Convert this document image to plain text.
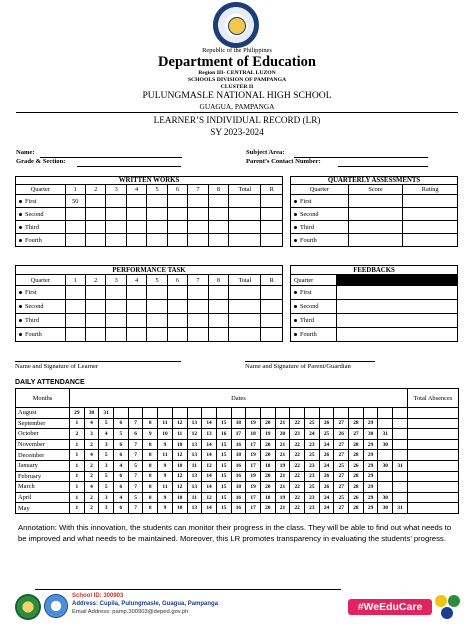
Republic of the Philippines
Department of Education
Region III- CENTRAL LUZON
SCHOOLS DIVISION OF PAMPANGA
CLUSTER II
PULUNGMASLE NATIONAL HIGH SCHOOL
GUAGUA, PAMPANGA
LEARNER’S INDIVIDUAL RECORD (LR)
SY 2023-2024
Name:
Grade & Section:
Subject Area:
Parent’s Contact Number:
WRITTEN WORKS										
Quarter	1	2	3	4	5	6	7	8	Total	R
First	50									
Second										
Third										
Fourth										
QUARTERLY ASSESSMENTS		
Quarter	Score	Rating
First		
Second		
Third		
Fourth		
PERFORMANCE TASK										
Quarter	1	2	3	4	5	6	7	8	Total	R
First										
Second										
Third										
Fourth										
FEEDBACKS	
Quarter	
First	
Second	
Third	
Fourth	
Name and Signature of Learner	Name and Signature of Parent/Guardian
DAILY ATTENDANCE
Months	Dates																							Total Absences
August	29	30	31																					
September	1	4	5	6	7	8	11	12	13	14	15	18	19	20	21	22	25	26	27	28	29			
October	2	3	4	5	6	9	10	11	12	13	16	17	18	19	20	23	24	25	26	27	30	31		
November	1	2	3	6	7	8	9	10	13	14	15	16	17	20	21	22	23	24	27	28	29	30		
December	1	4	5	6	7	8	11	12	13	14	15	18	19	20	21	22	25	26	27	28	29			
January	1	2	3	4	5	8	9	10	11	12	15	16	17	18	19	22	23	24	25	26	29	30	31	
February	1	2	5	6	7	8	9	12	13	14	15	16	19	20	21	22	23	26	27	28	29			
March	1	4	5	6	7	8	11	12	13	14	15	18	19	20	21	22	25	26	27	28	29			
April	1	2	3	4	5	8	9	10	11	12	15	16	17	18	19	22	23	24	25	26	29	30		
May	1	2	3	6	7	8	9	10	13	14	15	16	17	20	21	22	23	24	27	28	29	30	31	
Annotation: With this innovation, the students can monitor their progress in the class. They will be able to find out what needs to be improved and what needs to be maintained. Moreover, this LR promotes transparency in evaluating the students’ progress.
School ID: 300903
Address: Cupila, Pulungmasle, Guagua, Pampanga
Email Address: pamp.300903@deped.gov.ph	#WeEduCare
